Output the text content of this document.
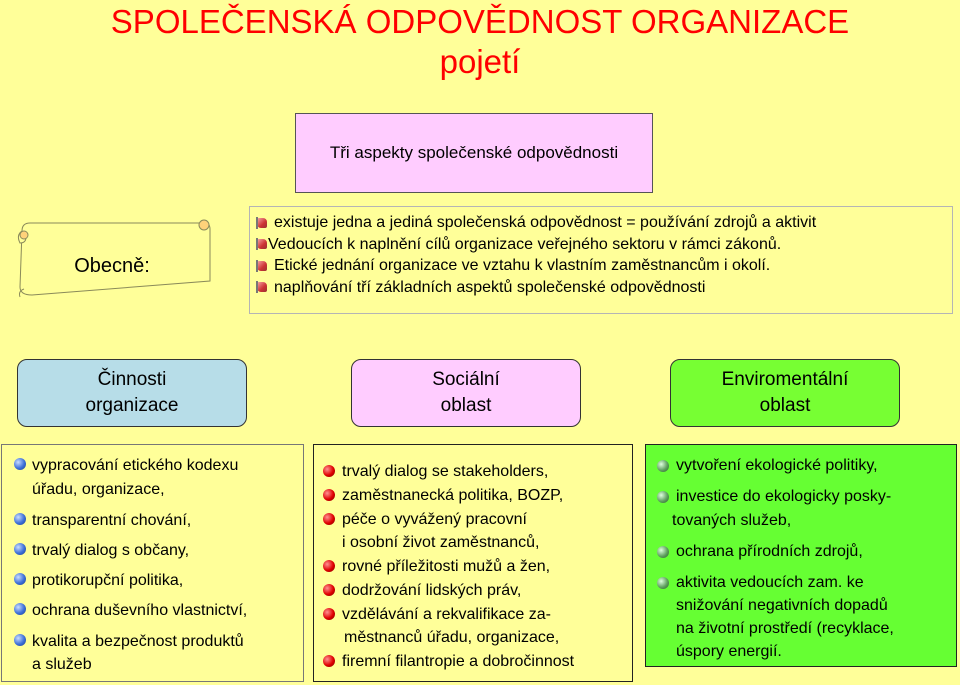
SPOLEČENSKÁ ODPOVĚDNOST ORGANIZACE
pojetí
Tři aspekty společenské odpovědnosti
Obecně:
existuje jedna a jediná společenská odpovědnost = používání zdrojů a aktivit
Vedoucích k naplnění cílů organizace veřejného sektoru v rámci zákonů.
Etické jednání organizace ve vztahu k vlastním zaměstnancům i okolí.
naplňování tří základních aspektů společenské odpovědnosti
Činnosti
organizace
Sociální
oblast
Enviromentální
oblast
vypracování etického kodexu
úřadu, organizace,
transparentní chování,
trvalý dialog s občany,
protikorupční politika,
ochrana duševního vlastnictví,
kvalita a bezpečnost produktů
a služeb
trvalý dialog se stakeholders,
zaměstnanecká politika, BOZP,
péče o vyvážený pracovní
i osobní život zaměstnanců,
rovné příležitosti mužů a žen,
dodržování lidských práv,
vzdělávání a rekvalifikace za-
městnanců úřadu, organizace,
firemní filantropie a dobročinnost
vytvoření ekologické politiky,
investice do ekologicky posky-
tovaných služeb,
ochrana přírodních zdrojů,
aktivita vedoucích zam. ke
snižování negativních dopadů
na životní prostředí (recyklace,
úspory energií.
